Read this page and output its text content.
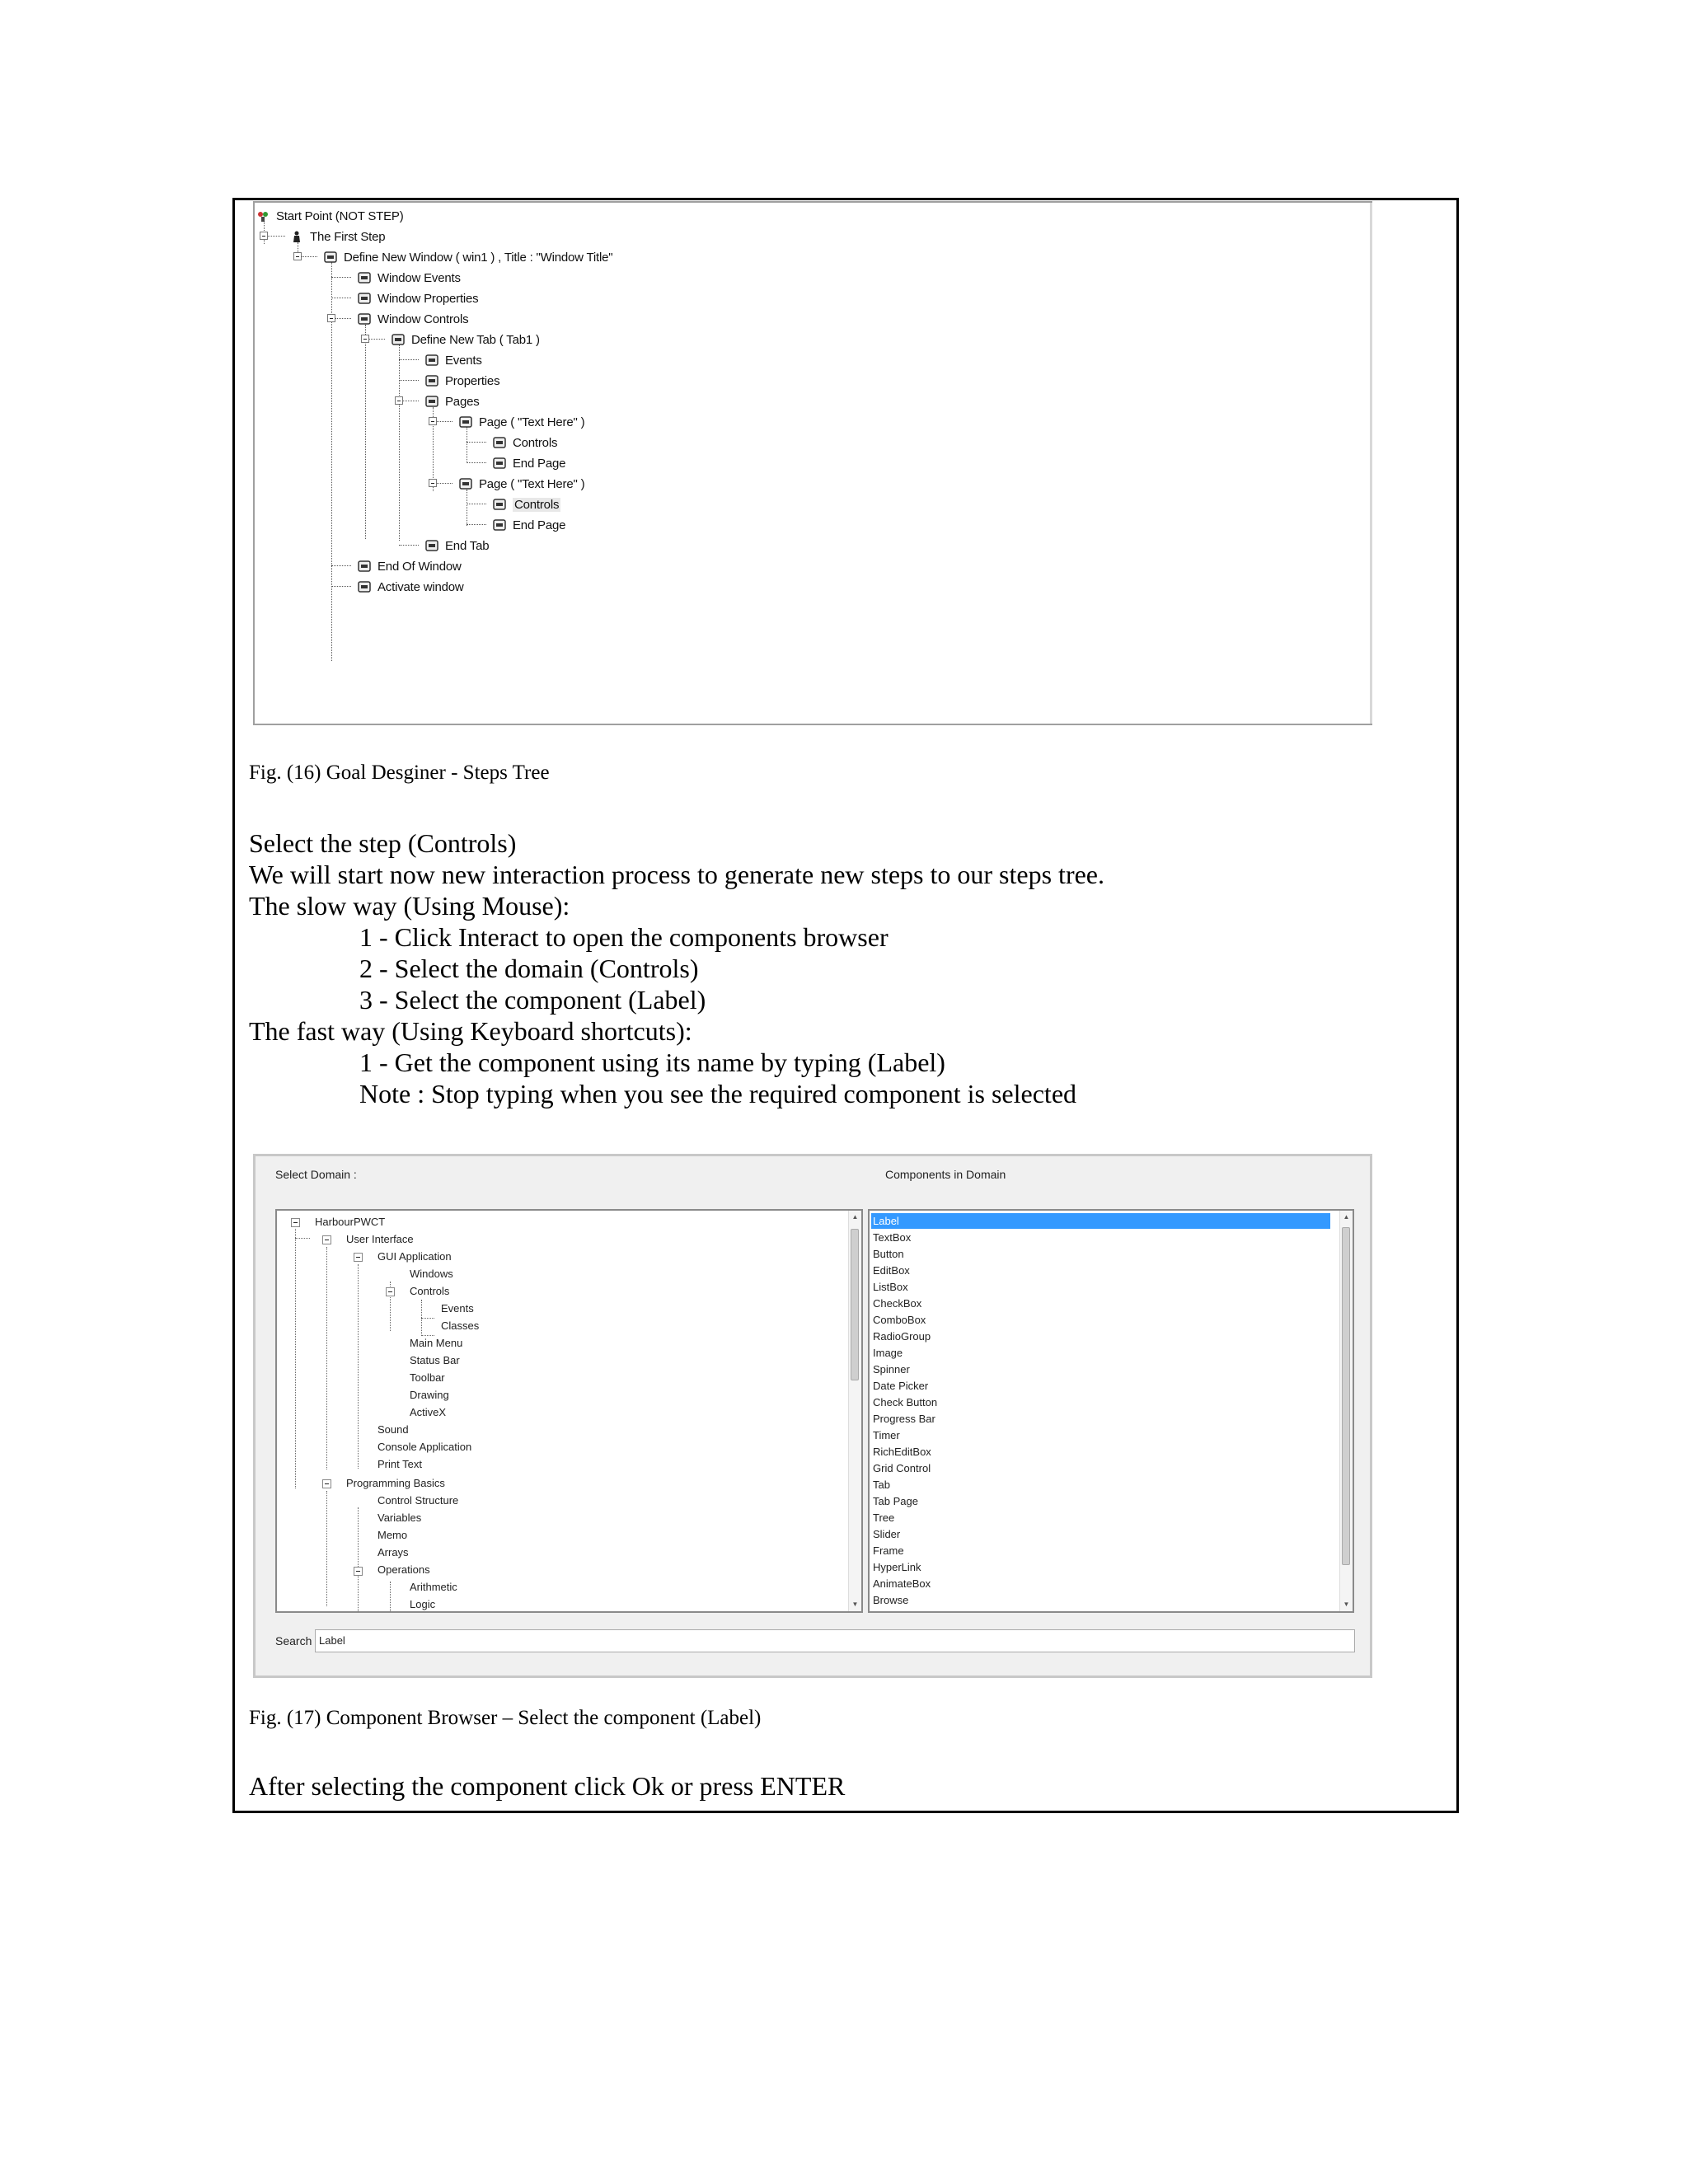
Start Point (NOT STEP)
The First Step
Define New Window ( win1 ) , Title : "Window Title"
Window Events
Window Properties
Window Controls
Define New Tab ( Tab1 )
Events
Properties
Pages
Page ( "Text Here" )
Controls
End Page
Page ( "Text Here" )
Controls
End Page
End Tab
End Of Window
Activate window
Fig. (16) Goal Desginer - Steps Tree
Select the step (Controls)
We will start now new interaction process to generate new steps to our steps tree.
The slow way (Using Mouse):
1 - Click Interact to open the components browser
2 - Select the domain (Controls)
3 - Select the component (Label)
The fast way (Using Keyboard shortcuts):
1 - Get the component using its name by typing (Label)
Note : Stop typing when you see the required component is selected
Select Domain :	Components in Domain
HarbourPWCT
User Interface
GUI Application
Windows
Controls
Events
Classes
Main Menu
Status Bar
Toolbar
Drawing
ActiveX
Sound
Console Application
Print Text
Programming Basics
Control Structure
Variables
Memo
Arrays
Operations
Arithmetic
Logic
▲
▼
Label
TextBox
Button
EditBox
ListBox
CheckBox
ComboBox
RadioGroup
Image
Spinner
Date Picker
Check Button
Progress Bar
Timer
RichEditBox
Grid Control
Tab
Tab Page
Tree
Slider
Frame
HyperLink
AnimateBox
Browse
▲
▼
Search Label
Fig. (17) Component Browser – Select the component (Label)
After selecting the component click Ok or press ENTER
